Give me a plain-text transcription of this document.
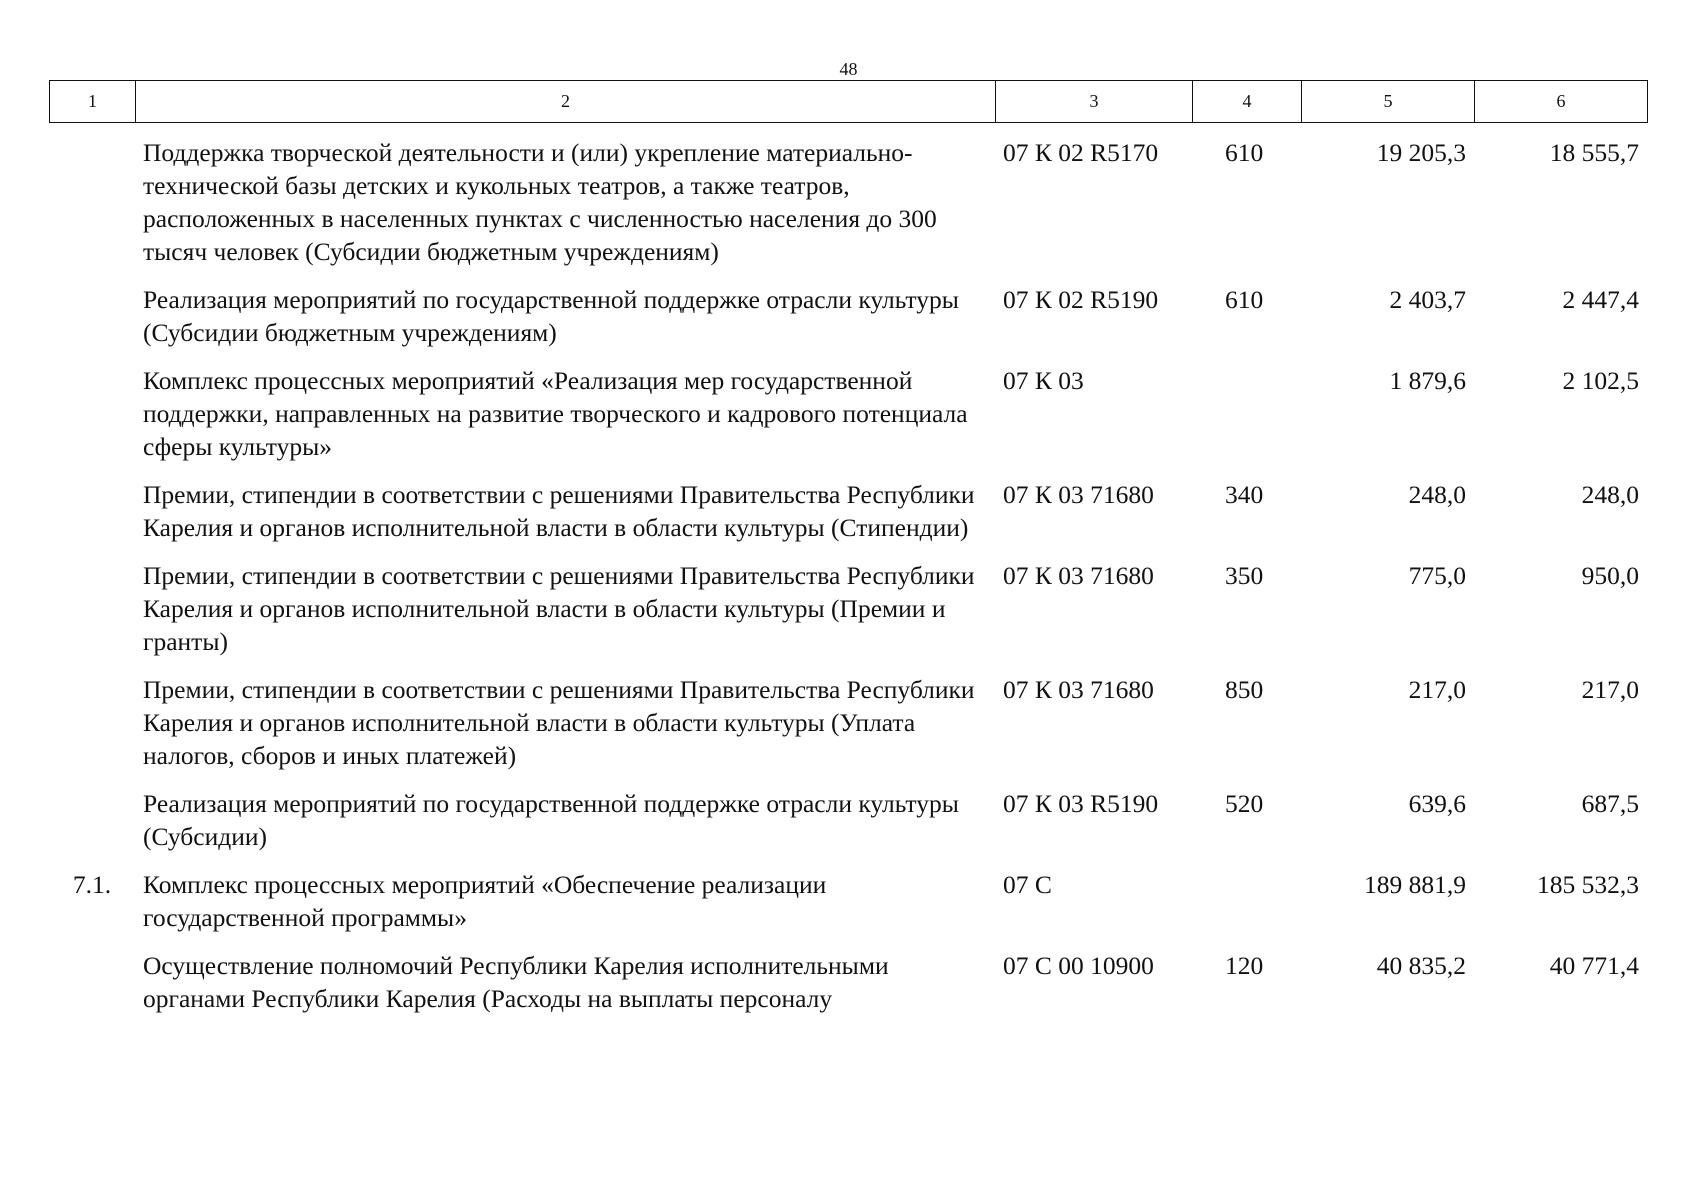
48
1	2	3	4	5	6
	Поддержка творческой деятельности и (или) укрепление материально-технической базы детских и кукольных театров, а также театров, расположенных в населенных пунктах с численностью населения до 300 тысяч человек (Субсидии бюджетным учреждениям)	07 К 02 R5170	610	19 205,3	18 555,7
	Реализация мероприятий по государственной поддержке отрасли культуры (Субсидии бюджетным учреждениям)	07 К 02 R5190	610	2 403,7	2 447,4
	Комплекс процессных мероприятий «Реализация мер государственной поддержки, направленных на развитие творческого и кадрового потенциала сферы культуры»	07 К 03		1 879,6	2 102,5
	Премии, стипендии в соответствии с решениями Правительства Республики Карелия и органов исполнительной власти в области культуры (Стипендии)	07 К 03 71680	340	248,0	248,0
	Премии, стипендии в соответствии с решениями Правительства Республики Карелия и органов исполнительной власти в области культуры (Премии и гранты)	07 К 03 71680	350	775,0	950,0
	Премии, стипендии в соответствии с решениями Правительства Республики Карелия и органов исполнительной власти в области культуры (Уплата налогов, сборов и иных платежей)	07 К 03 71680	850	217,0	217,0
	Реализация мероприятий по государственной поддержке отрасли культуры (Субсидии)	07 К 03 R5190	520	639,6	687,5
7.1.	Комплекс процессных мероприятий «Обеспечение реализации государственной программы»	07 С		189 881,9	185 532,3
	Осуществление полномочий Республики Карелия исполнительными органами Республики Карелия (Расходы на выплаты персоналу	07 С 00 10900	120	40 835,2	40 771,4
